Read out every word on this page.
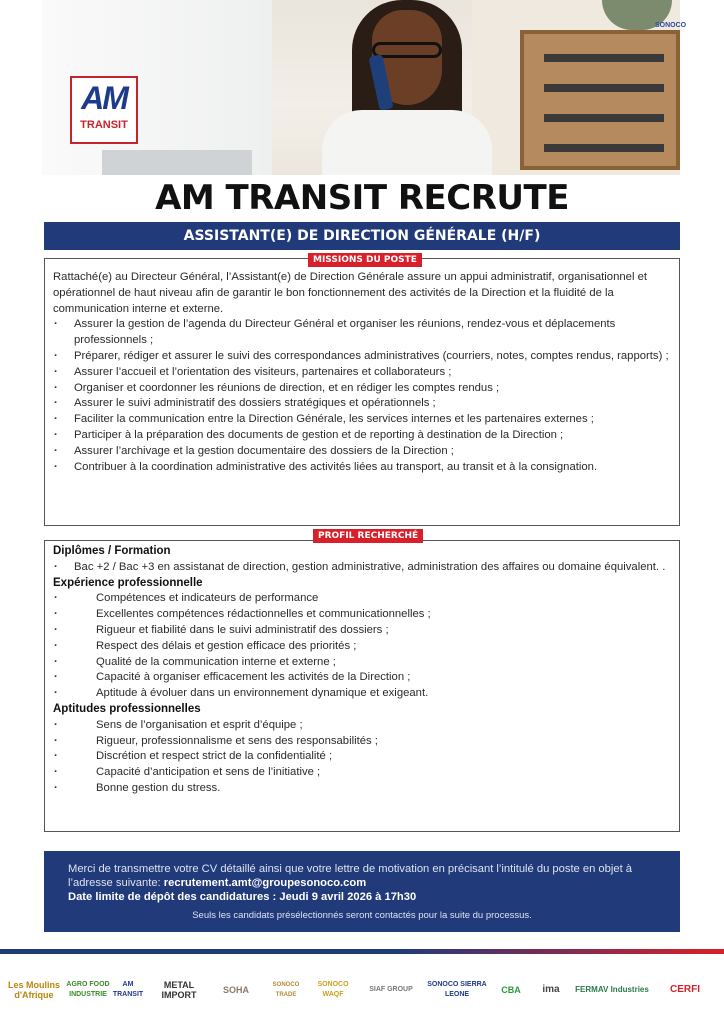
SONOCO
AM
TRANSIT
AM TRANSIT RECRUTE
ASSISTANT(E) DE DIRECTION GÉNÉRALE (H/F)
MISSIONS DU POSTE

Rattaché(e) au Directeur Général, l’Assistant(e) de Direction Générale assure un appui administratif, organisationnel et opérationnel de haut niveau afin de garantir le bon fonctionnement des activités de la Direction et la fluidité de la communication interne et externe.

· Assurer la gestion de l’agenda du Directeur Général et organiser les réunions, rendez-vous et déplacements professionnels ;
· Préparer, rédiger et assurer le suivi des correspondances administratives (courriers, notes, comptes rendus, rapports) ;
· Assurer l’accueil et l’orientation des visiteurs, partenaires et collaborateurs ;
· Organiser et coordonner les réunions de direction, et en rédiger les comptes rendus ;
· Assurer le suivi administratif des dossiers stratégiques et opérationnels ;
· Faciliter la communication entre la Direction Générale, les services internes et les partenaires externes ;
· Participer à la préparation des documents de gestion et de reporting à destination de la Direction ;
· Assurer l’archivage et la gestion documentaire des dossiers de la Direction ;
· Contribuer à la coordination administrative des activités liées au transport, au transit et à la consignation.
PROFIL RECHERCHÉ
Diplômes / Formation
· Bac +2 / Bac +3 en assistanat de direction, gestion administrative, administration des affaires ou domaine équivalent. .
Expérience professionnelle
· Compétences et indicateurs de performance
· Excellentes compétences rédactionnelles et communicationnelles ;
· Rigueur et fiabilité dans le suivi administratif des dossiers ;
· Respect des délais et gestion efficace des priorités ;
· Qualité de la communication interne et externe ;
· Capacité à organiser efficacement les activités de la Direction ;
· Aptitude à évoluer dans un environnement dynamique et exigeant.
Aptitudes professionnelles
· Sens de l’organisation et esprit d’équipe ;
· Rigueur, professionnalisme et sens des responsabilités ;
· Discrétion et respect strict de la confidentialité ;
· Capacité d’anticipation et sens de l’initiative ;
· Bonne gestion du stress.
Merci de transmettre votre CV détaillé ainsi que votre lettre de motivation en précisant l’intitulé du poste en objet à l’adresse suivante: recrutement.amt@groupesonoco.com
Date limite de dépôt des candidatures : Jeudi 9 avril 2026 à 17h30
Seuls les candidats présélectionnés seront contactés pour la suite du processus.
Les Moulins d'Afrique
AGRO FOOD INDUSTRIE
AM TRANSIT
METAL IMPORT	SOHA	SONOCO TRADE
SONOCO WAQF
SIAF GROUP
SONOCO SIERRA LEONE	CBA ima FERMAV Industries CERFI
